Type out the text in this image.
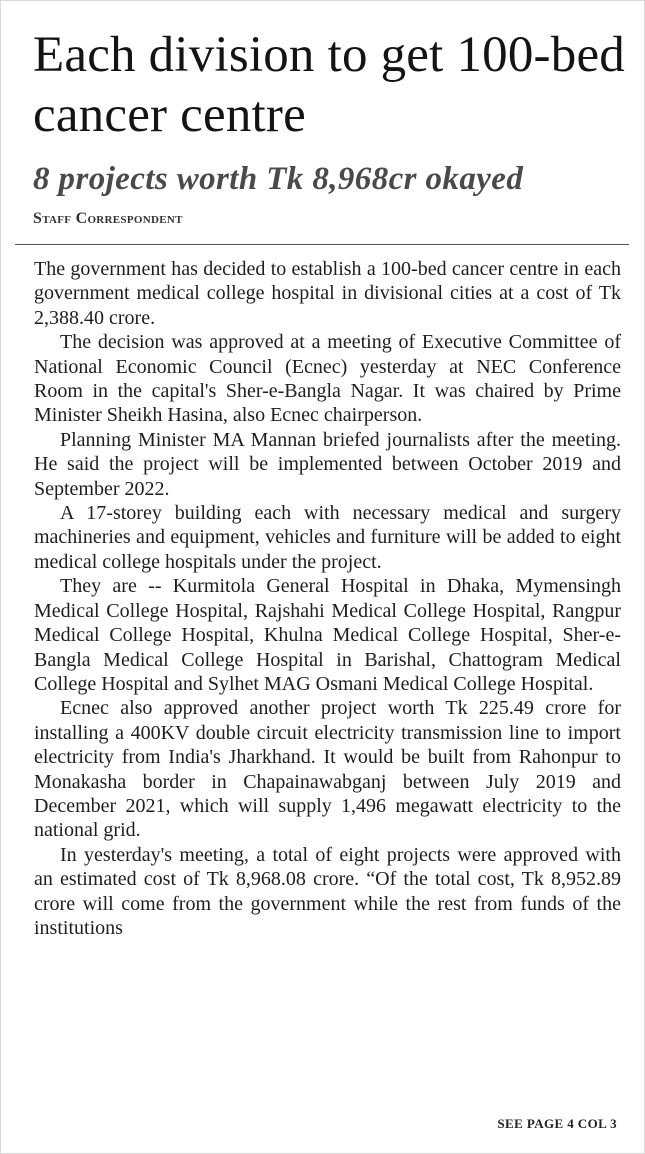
Each division to get 100-bed cancer centre
8 projects worth Tk 8,968cr okayed
Staff Correspondent

The government has decided to establish a 100-bed cancer centre in each government medical college hospital in divisional cities at a cost of Tk 2,388.40 crore.

The decision was approved at a meeting of Executive Committee of National Economic Council (Ecnec) yesterday at NEC Conference Room in the capital's Sher-e-Bangla Nagar. It was chaired by Prime Minister Sheikh Hasina, also Ecnec chairperson.

Planning Minister MA Mannan briefed journalists after the meeting. He said the project will be implemented between October 2019 and September 2022.

A 17-storey building each with necessary medical and surgery machineries and equipment, vehicles and furniture will be added to eight medical college hospitals under the project.

They are -- Kurmitola General Hospital in Dhaka, Mymensingh Medical College Hospital, Rajshahi Medical College Hospital, Rangpur Medical College Hospital, Khulna Medical College Hospital, Sher-e-Bangla Medical College Hospital in Barishal, Chattogram Medical College Hospital and Sylhet MAG Osmani Medical College Hospital.

Ecnec also approved another project worth Tk 225.49 crore for installing a 400KV double circuit electricity transmission line to import electricity from India's Jharkhand. It would be built from Rahonpur to Monakasha border in Chapainawabganj between July 2019 and December 2021, which will supply 1,496 megawatt electricity to the national grid.

In yesterday's meeting, a total of eight projects were approved with an estimated cost of Tk 8,968.08 crore. “Of the total cost, Tk 8,952.89 crore will come from the government while the rest from funds of the institutions

SEE PAGE 4 COL 3
